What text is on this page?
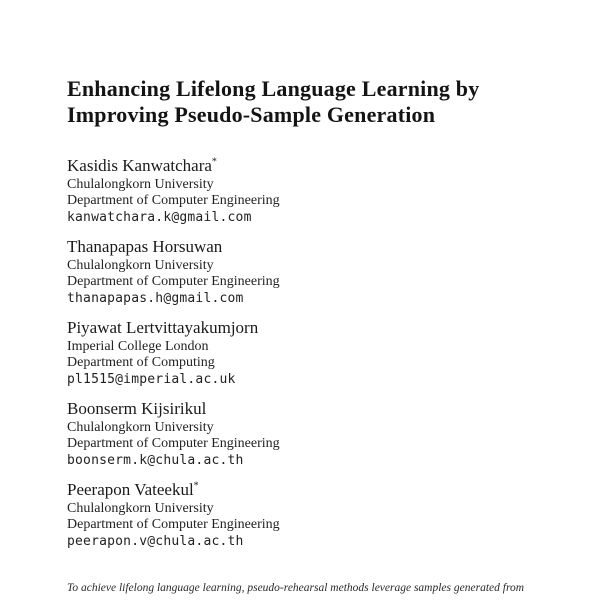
Enhancing Lifelong Language Learning by
Improving Pseudo-Sample Generation
Kasidis Kanwatchara*
Chulalongkorn University
Department of Computer Engineering
kanwatchara.k@gmail.com
Thanapapas Horsuwan
Chulalongkorn University
Department of Computer Engineering
thanapapas.h@gmail.com
Piyawat Lertvittayakumjorn
Imperial College London
Department of Computing
pl1515@imperial.ac.uk
Boonserm Kijsirikul
Chulalongkorn University
Department of Computer Engineering
boonserm.k@chula.ac.th
Peerapon Vateekul*
Chulalongkorn University
Department of Computer Engineering
peerapon.v@chula.ac.th
To achieve lifelong language learning, pseudo-rehearsal methods leverage samples generated from
